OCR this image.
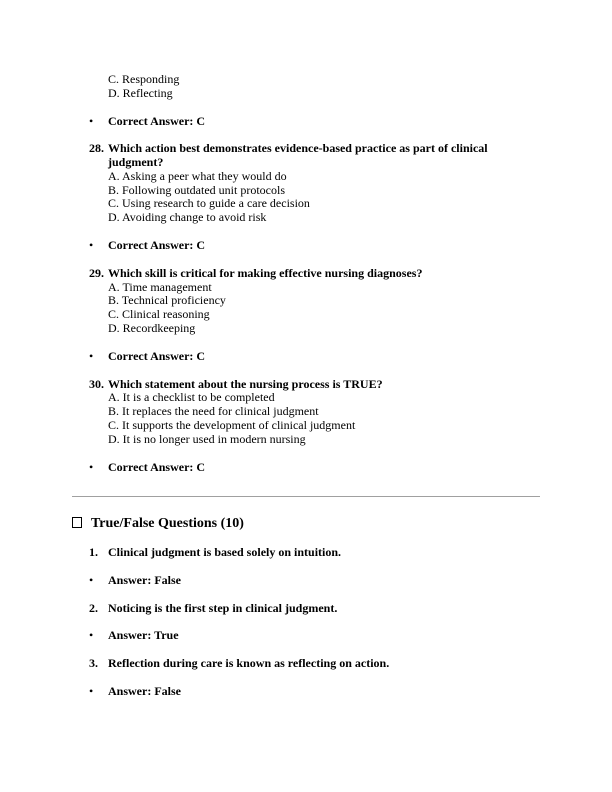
C. Responding
D. Reflecting
• Correct Answer: C
28. Which action best demonstrates evidence-based practice as part of clinical judgment?
A. Asking a peer what they would do
B. Following outdated unit protocols
C. Using research to guide a care decision
D. Avoiding change to avoid risk
• Correct Answer: C
29. Which skill is critical for making effective nursing diagnoses?
A. Time management
B. Technical proficiency
C. Clinical reasoning
D. Recordkeeping
• Correct Answer: C
30. Which statement about the nursing process is TRUE?
A. It is a checklist to be completed
B. It replaces the need for clinical judgment
C. It supports the development of clinical judgment
D. It is no longer used in modern nursing
• Correct Answer: C
True/False Questions (10)
1. Clinical judgment is based solely on intuition.
• Answer: False
2. Noticing is the first step in clinical judgment.
• Answer: True
3. Reflection during care is known as reflecting on action.
• Answer: False
